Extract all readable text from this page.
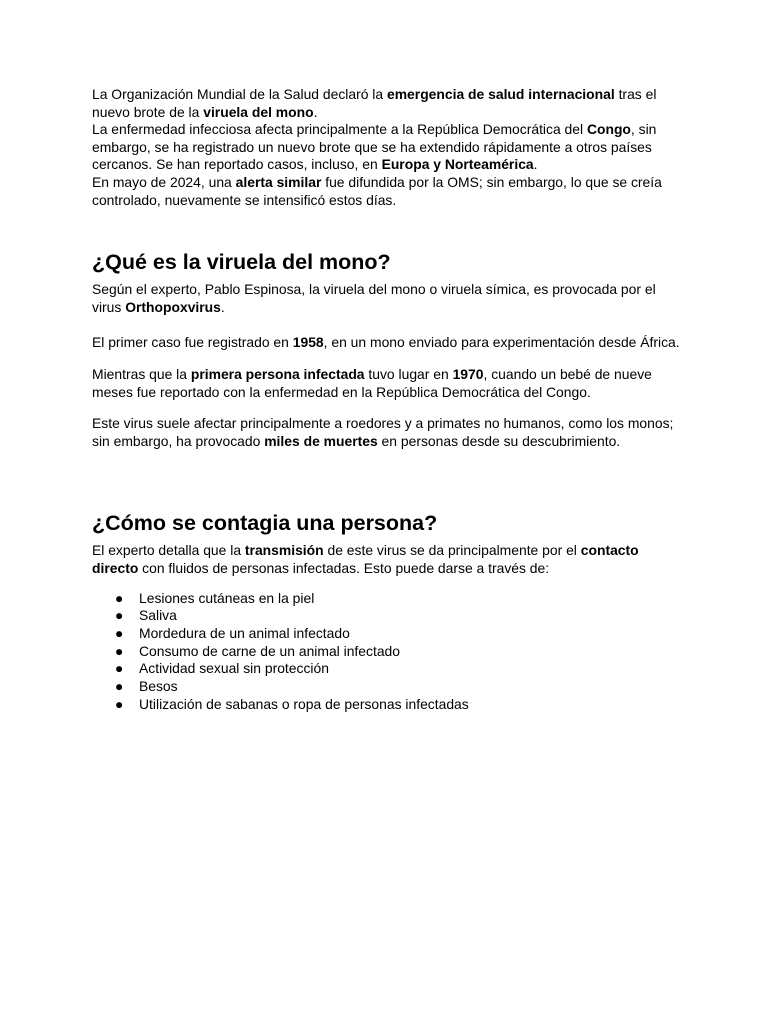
La Organización Mundial de la Salud declaró la emergencia de salud internacional tras el nuevo brote de la viruela del mono.

La enfermedad infecciosa afecta principalmente a la República Democrática del Congo, sin embargo, se ha registrado un nuevo brote que se ha extendido rápidamente a otros países cercanos. Se han reportado casos, incluso, en Europa y Norteamérica.

En mayo de 2024, una alerta similar fue difundida por la OMS; sin embargo, lo que se creía controlado, nuevamente se intensificó estos días.

¿Qué es la viruela del mono?

Según el experto, Pablo Espinosa, la viruela del mono o viruela símica, es provocada por el virus Orthopoxvirus.

El primer caso fue registrado en 1958, en un mono enviado para experimentación desde África.

Mientras que la primera persona infectada tuvo lugar en 1970, cuando un bebé de nueve meses fue reportado con la enfermedad en la República Democrática del Congo.

Este virus suele afectar principalmente a roedores y a primates no humanos, como los monos; sin embargo, ha provocado miles de muertes en personas desde su descubrimiento.

¿Cómo se contagia una persona?

El experto detalla que la transmisión de este virus se da principalmente por el contacto directo con fluidos de personas infectadas. Esto puede darse a través de:

● Lesiones cutáneas en la piel
● Saliva
● Mordedura de un animal infectado
● Consumo de carne de un animal infectado
● Actividad sexual sin protección
● Besos
● Utilización de sabanas o ropa de personas infectadas
